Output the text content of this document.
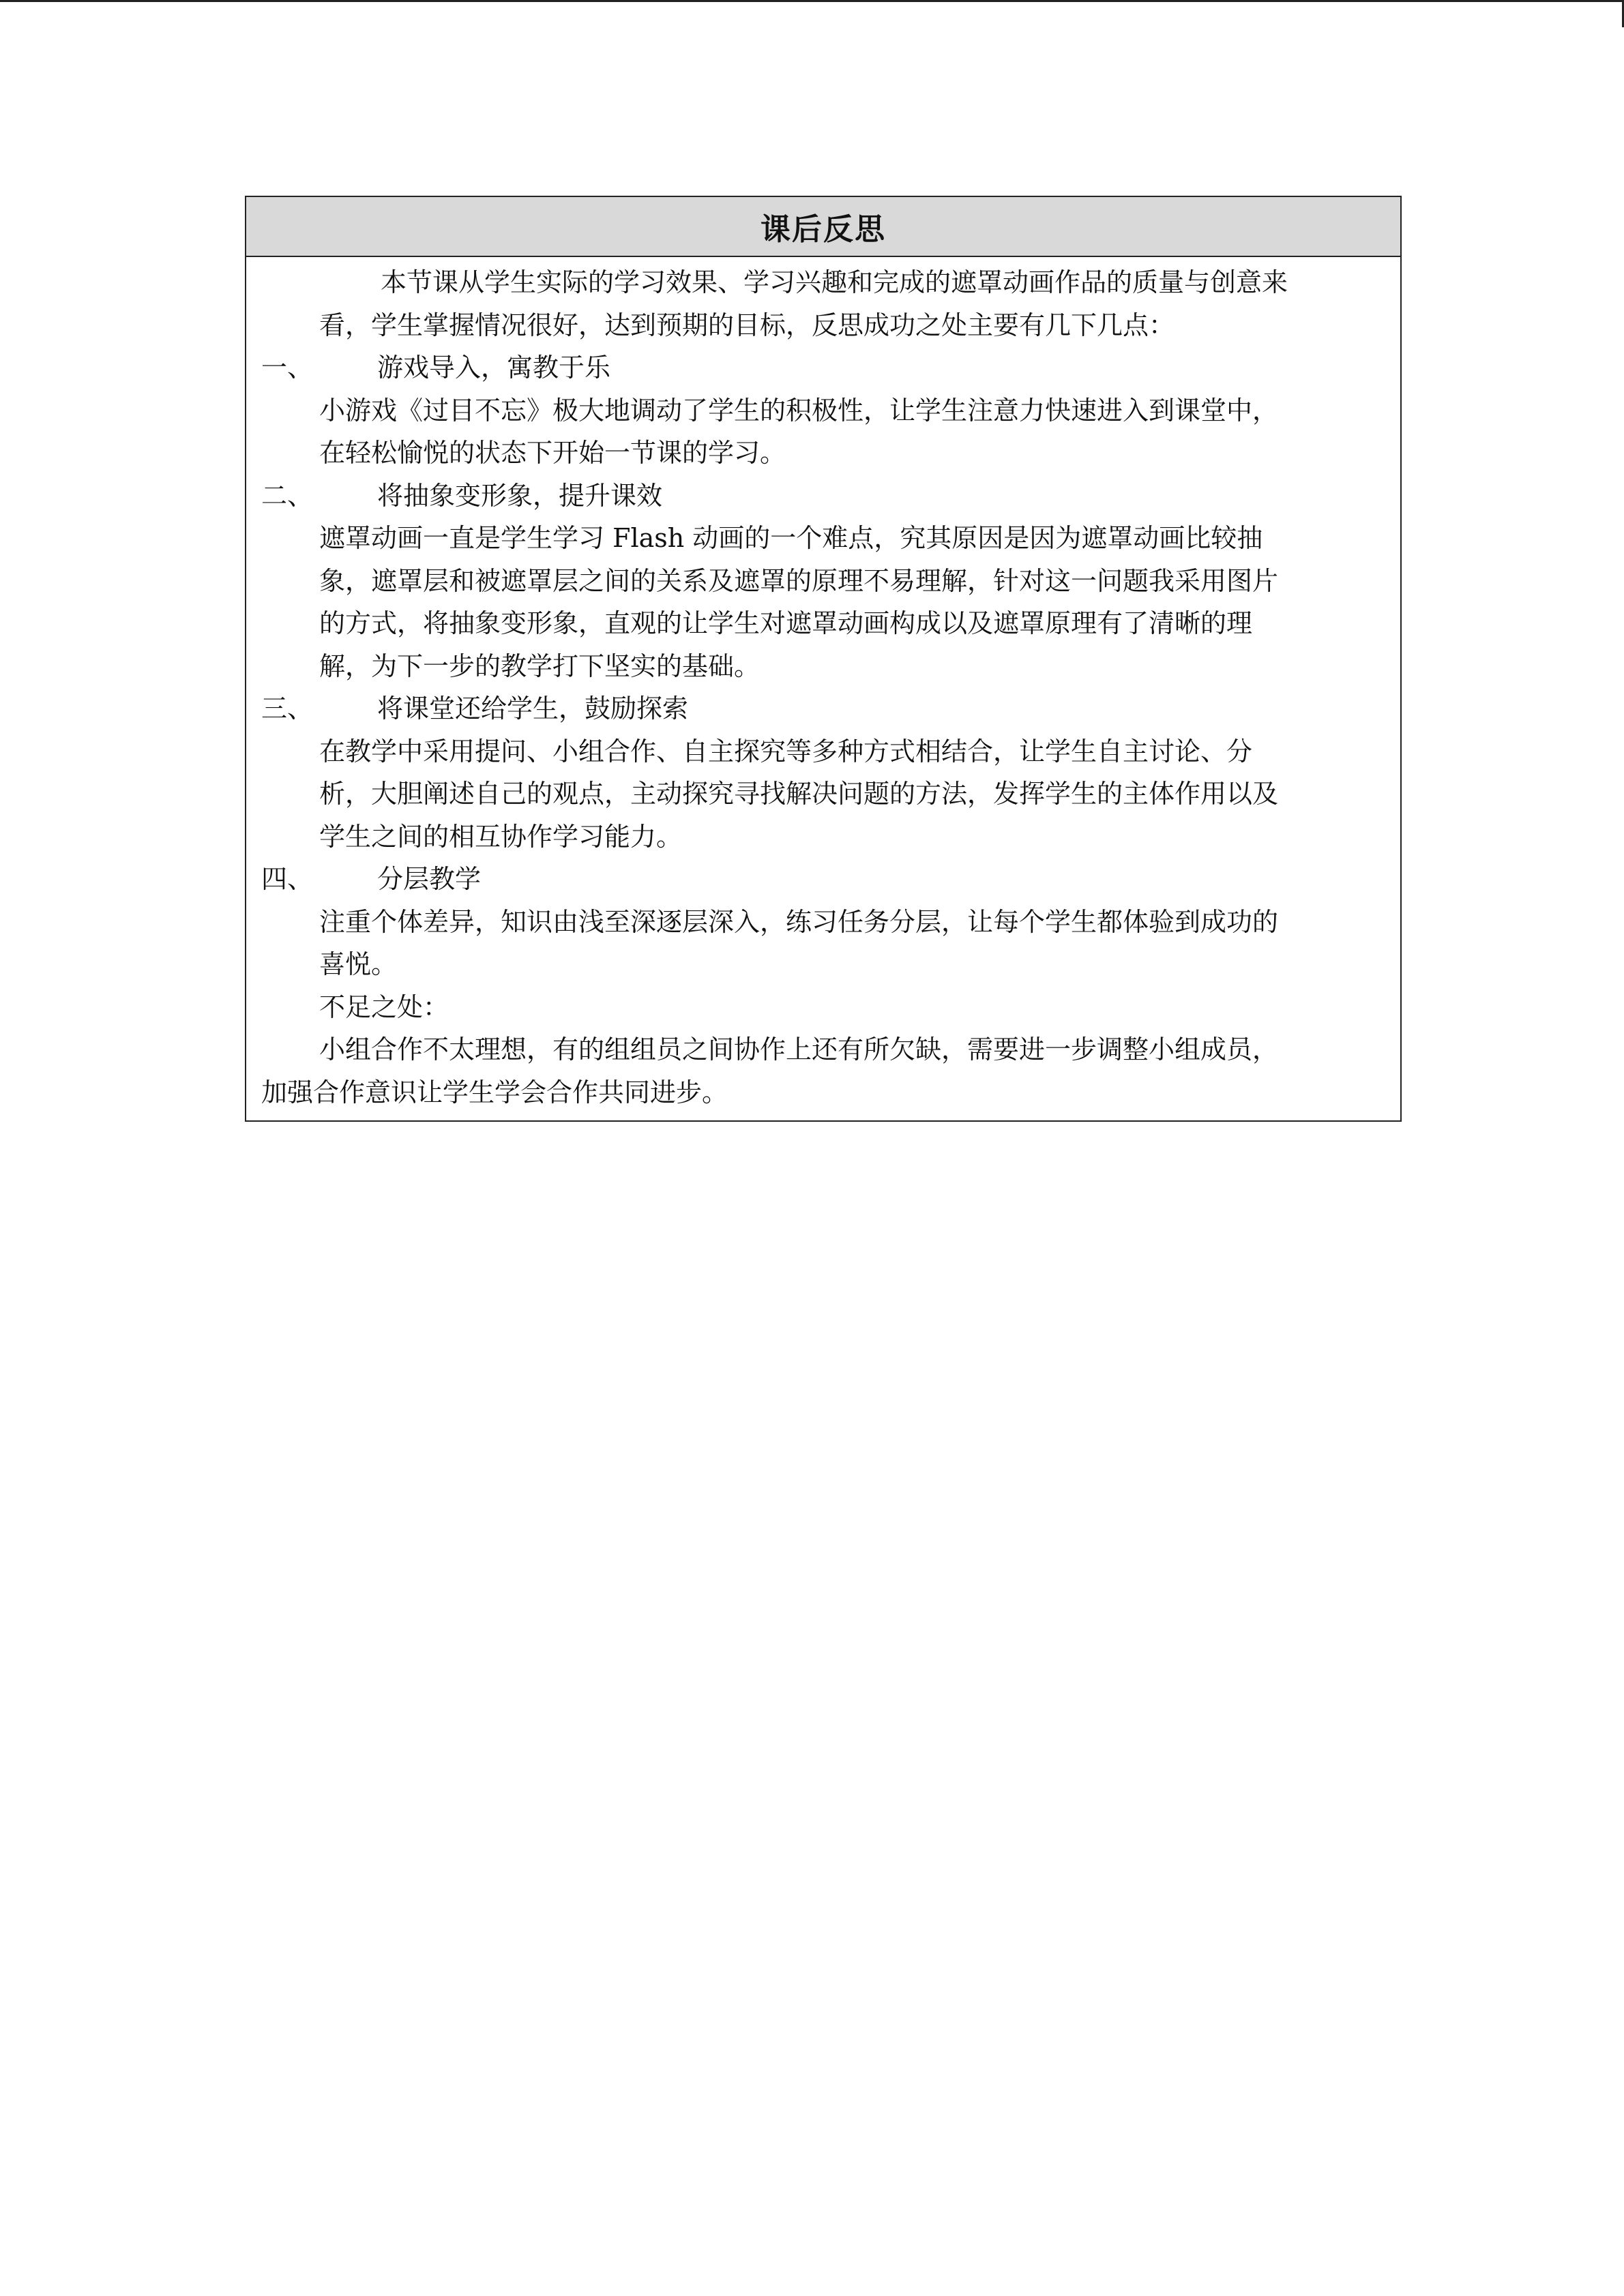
课后反思
本节课从学生实际的学习效果、学习兴趣和完成的遮罩动画作品的质量与创意来
看，学生掌握情况很好，达到预期的目标，反思成功之处主要有几下几点：
一、	游戏导入，寓教于乐
小游戏《过目不忘》极大地调动了学生的积极性，让学生注意力快速进入到课堂中，
在轻松愉悦的状态下开始一节课的学习。
二、	将抽象变形象，提升课效
遮罩动画一直是学生学习 Flash 动画的一个难点，究其原因是因为遮罩动画比较抽
象，遮罩层和被遮罩层之间的关系及遮罩的原理不易理解，针对这一问题我采用图片
的方式，将抽象变形象，直观的让学生对遮罩动画构成以及遮罩原理有了清晰的理
解，为下一步的教学打下坚实的基础。
三、	将课堂还给学生，鼓励探索
在教学中采用提问、小组合作、自主探究等多种方式相结合，让学生自主讨论、分
析，大胆阐述自己的观点，主动探究寻找解决问题的方法，发挥学生的主体作用以及
学生之间的相互协作学习能力。
四、	分层教学
注重个体差异，知识由浅至深逐层深入，练习任务分层，让每个学生都体验到成功的
喜悦。
不足之处：
小组合作不太理想，有的组组员之间协作上还有所欠缺，需要进一步调整小组成员，
加强合作意识让学生学会合作共同进步。
